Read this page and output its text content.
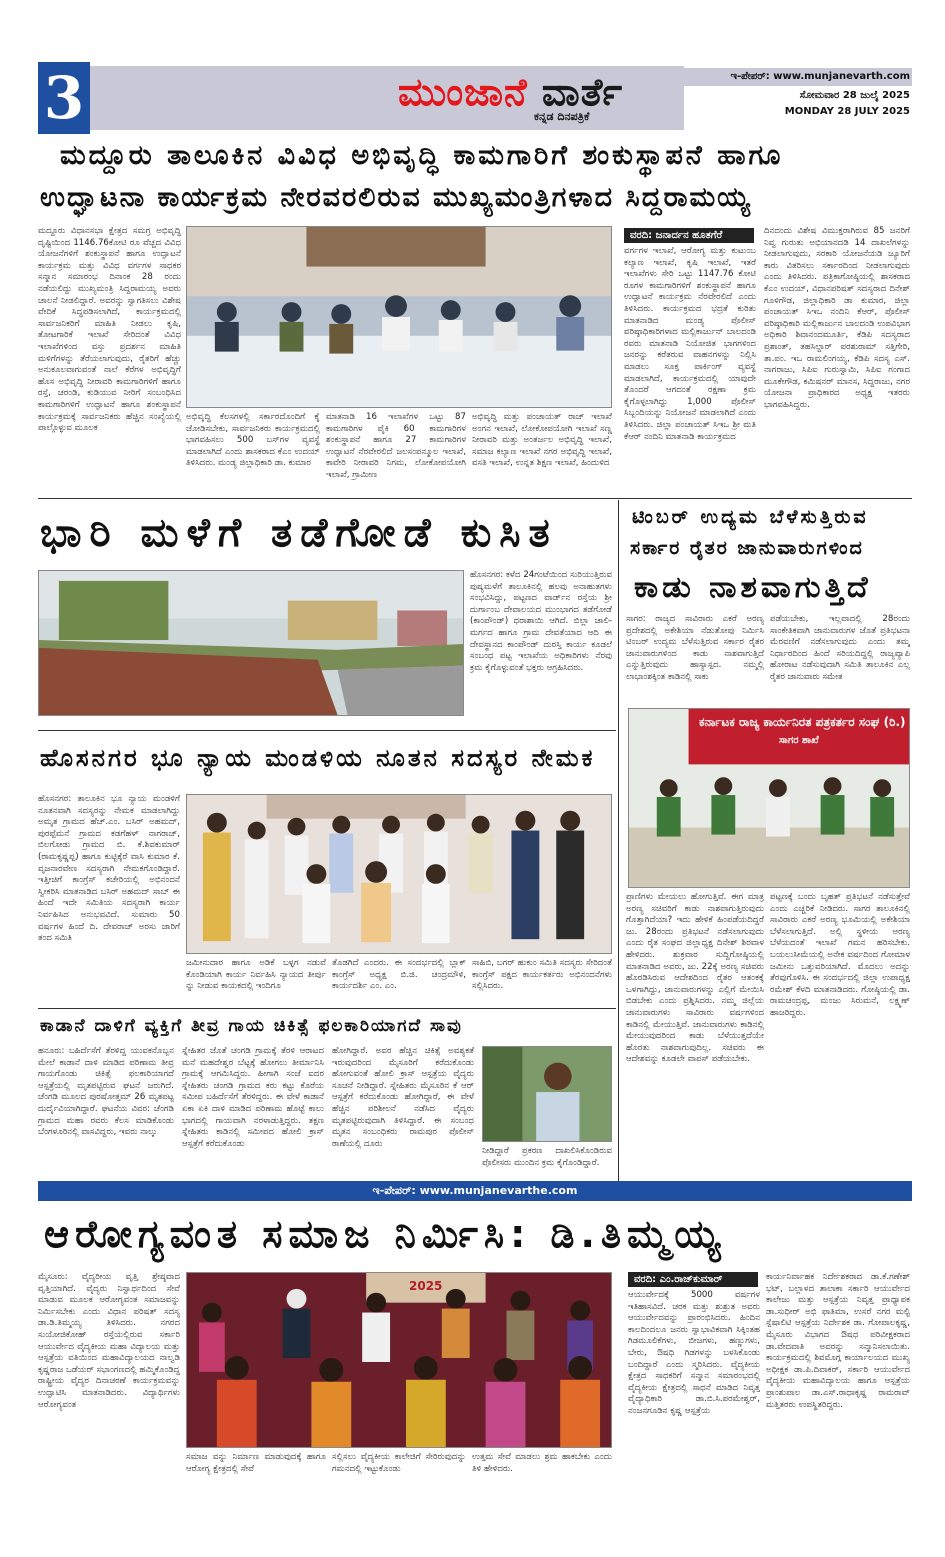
3	ಮುಂಜಾನೆ ವಾರ್ತೆ
ಕನ್ನಡ ದಿನಪತ್ರಿಕೆ
ಇ-ಪೇಪರ್: www.munjanevarth.com
ಸೋಮವಾರ 28 ಜುಲೈ 2025
MONDAY 28 JULY 2025
ಮದ್ದೂರು ತಾಲೂಕಿನ ವಿವಿಧ ಅಭಿವೃದ್ಧಿ ಕಾಮಗಾರಿಗೆ ಶಂಕುಸ್ಥಾಪನೆ ಹಾಗೂ
ಉದ್ಘಾಟನಾ ಕಾರ್ಯಕ್ರಮ ನೇರವರಲಿರುವ ಮುಖ್ಯಮಂತ್ರಿಗಳಾದ ಸಿದ್ದರಾಮಯ್ಯ
ಮದ್ದೂರು ವಿಧಾನಸಭಾ ಕ್ಷೇತ್ರದ ಸಮಗ್ರ ಅಭಿವೃದ್ಧಿ ದೃಷ್ಟಿಯಿಂದ 1146.76ಕೋಟಿ ರೂ ವೆಚ್ಚದ ವಿವಿಧ ಯೋಜನೆಗಳಿಗೆ ಶಂಕುಸ್ಥಾಪನೆ ಹಾಗೂ ಉದ್ಘಾಟನೆ ಕಾರ್ಯಕ್ರಮ ಮತ್ತು ವಿವಿಧ ವರ್ಗಗಳ ಸಾಧಕರ ಸನ್ಮಾನ ಸಮಾರಂಭ ದಿನಾಂಕ 28 ರಂದು ನಡೆಯಲಿದ್ದು ಮುಖ್ಯಮಂತ್ರಿ ಸಿದ್ದರಾಮಯ್ಯ ಅವರು ಚಾಲನೆ ನೀಡಲಿದ್ದಾರೆ. ಅವರನ್ನು ಸ್ವಾಗತಿಸಲು ವಿಶೇಷ ವೇದಿಕೆ ಸಿದ್ಧಪಡಿಸಲಾಗಿದೆ, ಕಾರ್ಯಕ್ರಮದಲ್ಲಿ ಸಾರ್ವಜನಿಕರಿಗೆ ಮಾಹಿತಿ ನೀಡಲು ಕೃಷಿ, ತೋಟಗಾರಿಕೆ ಇಲಾಖೆ ಸೇರಿದಂತೆ ವಿವಿಧ ಇಲಾಖೆಗಳಿಂದ ವಸ್ತು ಪ್ರದರ್ಶನ ಮಾಹಿತಿ ಮಳಿಗೆಗಳನ್ನು ತೆರೆಯಲಾಗುವುದು, ರೈತರಿಗೆ ಹೆಚ್ಚು ಅನುಕೂಲವಾಗುವಂತೆ ನಾಲೆ ಕೆರೆಗಳ ಅಭಿವೃದ್ಧಿಗೆ ಹೊಸ ಅಭಿವೃದ್ಧಿ ನೀರಾವರಿ ಕಾಮಗಾರಿಗಳಿಗೆ ಹಾಗೂ ರಸ್ತೆ, ಚರಂಡಿ, ಕುಡಿಯುವ ನೀರಿಗೆ ಸಂಬಂಧಿಸಿದ ಕಾಮಗಾರಿಗಳಿಗೆ ಉದ್ಘಾಟನೆ ಹಾಗೂ ಶಂಕುಸ್ಥಾಪನೆ ಕಾರ್ಯಕ್ರಮಕ್ಕೆ ಸಾರ್ವಜನಿಕರು ಹೆಚ್ಚಿನ ಸಂಖ್ಯೆಯಲ್ಲಿ ಪಾಲ್ಗೊಳ್ಳುವ ಮೂಲಕ
ಅಭಿವೃದ್ಧಿ ಕೆಲಸಗಳಲ್ಲಿ ಸರ್ಕಾರದೊಂದಿಗೆ ಕೈ ಜೋಡಿಸಬೇಕು, ಸಾರ್ವಜನಿಕರು ಕಾರ್ಯಕ್ರಮದಲ್ಲಿ ಭಾಗವಹಿಸಲು 500 ಬಸ್‌ಗಳ ವ್ಯವಸ್ಥೆ ಮಾಡಲಾಗಿದೆ ಎಂದು ಶಾಸಕರಾದ ಕೆಎಂ ಉದಯ್ ತಿಳಿಸಿದರು. ಮಂಡ್ಯ ಜಿಲ್ಲಾಧಿಕಾರಿ ಡಾ. ಕುಮಾರ
ಮಾತನಾಡಿ 16 ಇಲಾಖೆಗಳ ಒಟ್ಟು 87 ಕಾಮಗಾರಿಗಳ ಪೈಕಿ 60 ಕಾಮಗಾರಿಗಳ ಶಂಕುಸ್ಥಾಪನೆ ಹಾಗೂ 27 ಕಾಮಗಾರಿಗಳ ಉದ್ಘಾಟನೆ ನೆರವೇರಲಿದೆ ಜಲಸಂಪನ್ಮೂಲ ಇಲಾಖೆ, ಕಾವೇರಿ ನೀರಾವರಿ ನಿಗಮ, ಲೋಕೋಪಯೋಗಿ ಇಲಾಖೆ, ಗ್ರಾಮೀಣ
ಅಭಿವೃದ್ಧಿ ಮತ್ತು ಪಂಚಾಯತ್ ರಾಜ್ ಇಲಾಖೆ ಅಂಗನ ಇಲಾಖೆ, ಲೋಕೋಪಯೋಗಿ ಇಲಾಖೆ ಸಣ್ಣ ನೀರಾವರಿ ಮತ್ತು ಅಂತರ್ಜಲ ಅಭಿವೃದ್ಧಿ ಇಲಾಖೆ, ಸಮಾಜ ಕಲ್ಯಾಣ ಇಲಾಖೆ ನಗರ ಅಭಿವೃದ್ಧಿ ಇಲಾಖೆ, ವಸತಿ ಇಲಾಖೆ, ಉನ್ನತ ಶಿಕ್ಷಣ ಇಲಾಖೆ, ಹಿಂದುಳಿದ
ವರದಿ: ಜನಾರ್ದನ ಹೂತಗೆರೆ
ವರ್ಗಗಳ ಇಲಾಖೆ, ಆರೋಗ್ಯ ಮತ್ತು ಕುಟುಂಬ ಕಲ್ಯಾಣ ಇಲಾಖೆ, ಕೃಷಿ ಇಲಾಖೆ, ಇತರೆ ಇಲಾಖೆಗಳು ಸೇರಿ ಒಟ್ಟು 1147.76 ಕೋಟಿ ರೂಗಳ ಕಾಮಗಾರಿಗಳಿಗೆ ಶಂಕುಸ್ಥಾಪನೆ ಹಾಗೂ ಉದ್ಘಾಟನೆ ಕಾರ್ಯಕ್ರಮ ನೆರವೇರಲಿದೆ ಎಂದು ತಿಳಿಸಿದರು. ಕಾರ್ಯಕ್ರಮದ ಭದ್ರತೆ ಕುರಿತು ಮಾತನಾಡಿದ ಮಂಡ್ಯ ಪೊಲೀಸ್ ವರಿಷ್ಠಾಧಿಕಾರಿಗಳಾದ ಮಲ್ಲಿಕಾರ್ಜುನ್ ಬಾಲದಂಡಿ ರವರು ಮಾತನಾಡಿ ನಿಯೋಜಿತ ಭಾಗಗಳಿಂದ ಜನರನ್ನು ಕರೆತರುವ ವಾಹನಗಳನ್ನು ನಿಲ್ಲಿಸಿ ಮಾಡಲು ಸೂಕ್ತ ಪಾರ್ಕಿಂಗ್ ವ್ಯವಸ್ಥೆ ಮಾಡಲಾಗಿದೆ, ಕಾರ್ಯಕ್ರಮದಲ್ಲಿ ಯಾವುದೇ ತೊಂದರೆ ಆಗದಂತೆ ರಕ್ಷಣಾ ಕ್ರಮ ಕೈಗೊಳ್ಳಲಾಗಿದ್ದು 1,000 ಪೊಲೀಸ್ ಸಿಬ್ಬಂದಿಯನ್ನು ನಿಯೋಜನೆ ಮಾಡಲಾಗಿದೆ ಎಂದು ತಿಳಿಸಿದರು. ಜಿಲ್ಲಾ ಪಂಚಾಯತ್ ಸಿಇಒ ಶ್ರೀ ಮತಿ ಕೆಆರ್ ನಂದಿನಿ ಮಾತನಾಡಿ ಕಾರ್ಯಕ್ರಮದ
ದಿನದಂದು ವಿಶೇಷ ವಿಮುಕ್ತರಾಗಿರುವ 85 ಜನರಿಗೆ ನಿವ್ವ ಗುರುತು ಅಭಿಯಾನದಡಿ 14 ದಾಖಲೆಗಳನ್ನು ನೀಡಲಾಗುವುದು, ಸರಕಾರಿ ಯೋಜನೆಯಡಿ ಜ್ಯೂರಿಗೆ ಕಾರು ವಿತರಿಸಲು ಸರ್ಕಾರದಿಂದ ನೀಡಲಾಗುವುದು ಎಂದು ತಿಳಿಸಿದರು. ಪತ್ರಿಕಾಗೋಷ್ಠಿಯಲ್ಲಿ ಶಾಸಕರಾದ ಕೆಎಂ ಉದಯ್, ವಿಧಾನಪರಿಷತ್ ಸದಸ್ಯರಾದ ದಿನೇಶ್ ಗೂಳಿಗೌಡ, ಜಿಲ್ಲಾಧಿಕಾರಿ ಡಾ ಕುಮಾರ, ಜಿಲ್ಲಾ ಪಂಚಾಯತ್ ಸಿಇಒ ನಂದಿನಿ ಕೆಆರ್, ಪೊಲೀಸ್ ವರಿಷ್ಠಾಧಿಕಾರಿ ಮಲ್ಲಿಕಾರ್ಜುನ ಬಾಲದಂಡಿ ಉಪವಿಭಾಗ ಅಧಿಕಾರಿ ಶಿವಾನಂದಮೂರ್ತಿ, ಕೆಡಿಪಿ ಸದಸ್ಯರಾದ ಪ್ರಶಾಂತ್, ತಹಸಿಲ್ದಾರ್ ಪರಶುರಾಮ್ ಸತ್ತಿಗೇರಿ, ತಾ.ಪಂ. ಇಒ ರಾಮಲಿಂಗಯ್ಯ, ಕೆಡಿಪಿ ಸದಸ್ಯ ಎಸ್. ನಾಗರಾಜು, ಸಿಪಿಐ ಗುರುಸ್ವಾಮಿ, ಸಿಪಿಐ ಗಂಗಾದ ಮೂಕೇಗೌಡ, ಕಮಿಷನರ್ ಮಾನಸ, ಸಿದ್ದರಾಜು, ನಗರ ಯೋಜನಾ ಪ್ರಾಧಿಕಾರದ ಅಧ್ಯಕ್ಷ ಇತರರು ಭಾಗವಹಿಸಿದ್ದರು.
ಭಾರಿ ಮಳೆಗೆ ತಡೆಗೋಡೆ ಕುಸಿತ
ಹೊಸನಗರ: ಕಳೆದ 24ಗಂಟೆಯಿಂದ ಸುರಿಯುತ್ತಿರುವ ಪುಷ್ಯಮಳೆಗೆ ತಾಲೂಕಿನಲ್ಲಿ ಹಲವು ಅನಾಹುತಗಳು ಸಂಭವಿಸಿದ್ದು, ಪಟ್ಟಣದ ವಾರ್ಡ್‌ನ ರಸ್ತೆಯ ಶ್ರೀ ದುರ್ಗಾಂಬ ದೇವಾಲಯದ ಮುಂಭಾಗದ ತಡೆಗೋಡೆ (ಕಾಂಪೌಂಡ್) ಧರಾಶಾಯಿ ಆಗಿದೆ. ಬಿಲ್ಲಾ ಚಾಲಿ-ಮರ್ಗದ ಹಾಗೂ ಗ್ರಾಮ ದೇವತೆಯಾದ ಆದಿ ಈ ದೇವಸ್ಥಾನದ ಕಾಂಪೌಂಡ್ ದುರಸ್ತಿ ಕಾರ್ಯ ಕೂಡಲೆ ಸಂಬಂಧ ಪಟ್ಟ ಇಲಾಖೆಯ ಅಧಿಕಾರಿಗಳು ನೆರವು ಕ್ರಮ ಕೈಗೊಳ್ಳುವಂತೆ ಭಕ್ತರು ಆಗ್ರಹಿಸಿದರು.
ಟಿಂಬರ್ ಉದ್ಯಮ ಬೆಳೆಸುತ್ತಿರುವ
ಸರ್ಕಾರ ರೈತರ ಜಾನುವಾರುಗಳಿಂದ
ಕಾಡು ನಾಶವಾಗುತ್ತಿದೆ
ಸಾಗರ: ರಾಜ್ಯದ ಸಾವಿರಾರು ಎಕರೆ ಅರಣ್ಯ ಪ್ರದೇಶದಲ್ಲಿ ಅಕೇಶಿಯಾ ನೆಡುತೋಪು ನಿರ್ಮಿಸಿ ಟಿಂಬರ್ ಉದ್ಯಮ ಬೆಳೆಸುತ್ತಿರುವ ಸರ್ಕಾರ ರೈತರ ಜಾನುವಾರುಗಳಿಂದ ಕಾಡು ನಾಶವಾಗುತ್ತಿದೆ ಎನ್ನುತ್ತಿರುವುದು ಹಾಸ್ಯಾಸ್ಪದ. ನಮ್ಮಲ್ಲಿ ಲಾಭಾಂಶಕ್ಕಿಂತ ಕಾಡಿನಲ್ಲಿ ಸಾಕು
ಪಡೆಯಬೇಕು, ಇಲ್ಲವಾದಲ್ಲಿ 28ರಂದು ಸಾಂಕೇತಿಕವಾಗಿ ಜಾನುವಾರುಗಳ ಜೊತೆ ಪ್ರತಿಭಟನಾ ಮೆರವಣಿಗೆ ನಡೆಸಲಾಗುವುದು ಎಂದು ತಮ್ಮ ನಿರ್ಧಾರದಿಂದ ಹಿಂದೆ ಸರಿಯದಿದ್ದಲ್ಲಿ ರಾಜ್ಯವ್ಯಾಪಿ ಹೋರಾಟ ನಡೆಸುವುದಾಗಿ ಸಮಿತಿ ತಾಲೂಕಿನ ಎಲ್ಲ ರೈತರ ಜಾನುವಾರು ಸಮೇತ
ಕರ್ನಾಟಕ ರಾಜ್ಯ ಕಾರ್ಯನಿರತ ಪತ್ರಕರ್ತರ ಸಂಘ (ರಿ.)
ಸಾಗರ ಶಾಖೆ
ಪ್ರಾಣಿಗಳು ಮೇಯಲು ಹೋಗುತ್ತಿವೆ. ಈಗ ಮಾತ್ರ ಅರಣ್ಯ ಸಚಿವರಿಗೆ ಕಾಡು ನಾಶವಾಗುತ್ತಿರುವುದು ಗೊತ್ತಾಗಿದೆಯಾ? ಇದು ಹೇಳಿಕೆ ಹಿಂಪಡೆಯದಿದ್ದರೆ ಜು. 28ರಂದು ಪ್ರತಿಭಟನೆ ನಡೆಸಲಾಗುವುದು ಎಂದು ರೈತ ಸಂಘದ ಜಿಲ್ಲಾಧ್ಯಕ್ಷ ದಿನೇಶ್ ಶಿರವಾಳ ಹೇಳಿದರು. ಶುಕ್ರವಾರ ಸುದ್ದಿಗೋಷ್ಠಿಯಲ್ಲಿ ಮಾತನಾಡಿದ ಅವರು, ಜು. 22ಕ್ಕೆ ಅರಣ್ಯ ಸಚಿವರು ಹೊರಡಿಸಿರುವ ಆದೇಶದಿಂದ ರೈತರ ಆತಂಕಕ್ಕೆ ಒಳಗಾಗಿದ್ದು, ಜಾನುವಾರುಗಳನ್ನು ಎಲ್ಲಿಗೆ ಮೇಯಿಸಿ ಬಿಡಬೇಕು ಎಂದು ಪ್ರಶ್ನಿಸಿದರು. ನಮ್ಮ ಜಿಲ್ಲೆಯ ಜಾನುವಾರುಗಳು ಸಾವಿರಾರು ವರ್ಷಗಳಿಂದ ಕಾಡಿನಲ್ಲಿ ಮೇಯುತ್ತಿವೆ. ಜಾನುವಾರುಗಳು ಕಾಡಿನಲ್ಲಿ ಮೇಯುವುದರಿಂದ ಕಾಡು ಬೆಳೆಯುತ್ತದೆಯೇ ಹೊರತು ನಾಶವಾಗುವುದಿಲ್ಲ. ಸಚಿವರು ಈ ಆದೇಶವನ್ನು ಕೂಡಲೇ ವಾಪಸ್ ಪಡೆಯಬೇಕು.
ಪಟ್ಟಣಕ್ಕೆ ಬಂದು ಬೃಹತ್ ಪ್ರತಿಭಟನೆ ನಡೆಸುತ್ತೇವೆ ಎಂದು ಎಚ್ಚರಿಕೆ ನೀಡಿದರು. ಸಾಗರ ತಾಲೂಕಿನಲ್ಲಿ ಸಾವಿರಾರು ಎಕರೆ ಅರಣ್ಯ ಭೂಮಿಯಲ್ಲಿ ಅಕೇಶಿಯಾ ಬೆಳೆಸಲಾಗುತ್ತಿದೆ. ಅಲ್ಲಿ ಸ್ಥಳೀಯ ಅರಣ್ಯ ಬೆಳೆಯದಂತೆ ಇಲಾಖೆ ಗಮನ ಹರಿಸಬೇಕು. ಬಯಲುಸೀಮೆಯಲ್ಲಿ ಅನೇಕ ವರ್ಷದಿಂದ ಗೋಮಾಳ ಜಮೀನು ಒತ್ತುವರಿಯಾಗಿದೆ. ಮೊದಲು ಅದನ್ನು ತೆರವುಗೊಳಿಸಿ. ಈ ಸಂದರ್ಭದಲ್ಲಿ ಜಿಲ್ಲಾ ಉಪಾಧ್ಯಕ್ಷ ರಮೇಶ್ ಕೆಳದಿ ಮಾತನಾಡಿದರು. ಗೋಷ್ಠಿಯಲ್ಲಿ ಡಾ. ರಾಮಚಂದ್ರಪ್ಪ, ಮಂಜು ಸಿರುಮನೆ, ಲಕ್ಷ್ಮಣ್ ಹಾಜರಿದ್ದರು.
ಹೊಸನಗರ ಭೂ ನ್ಯಾಯ ಮಂಡಳಿಯ ನೂತನ ಸದಸ್ಯರ ನೇಮಕ
ಹೊಸನಗರ: ತಾಲೂಕಿನ ಭೂ ನ್ಯಾಯ ಮಂಡಳಿಗೆ ನೂತನವಾಗಿ ಸದಸ್ಯರನ್ನು ನೇಮಕ ಮಾಡಲಾಗಿದ್ದು ಅಮೃತ ಗ್ರಾಮದ ಹೆಚ್.ಎಂ. ಬಸಿರ್ ಅಹಮದ್, ಪುರಪ್ಪೆಮನೆ ಗ್ರಾಮದ ಕಡಗೆಹಳ್ ನಾಗರಾಜ್, ಬಿಲಗೋಡು ಗ್ರಾಮದ ಬಿ. ಕೆ.ಶಿವಕುಮಾರ್ (ರಾಮಕೃಷ್ಣಪ್ಪ) ಹಾಗೂ ಕುಟ್ಟಿಕ್ಕೆರೆ ವಾಸಿ ಕುಮಾರ ಕೆ. ವೃಜನಾರವೇಣ ಸದಸ್ಯರಾಗಿ ನೇಮಕಗೊಂಡಿದ್ದಾರೆ. ಇತ್ತೀಚಿಗೆ ಕಾಂಗ್ರೆಸ್ ಕಚೇರಿಯಲ್ಲಿ ಅಭಿನಂದನೆ ಸ್ವೀಕರಿಸಿ ಮಾತನಾಡಿದ ಬಸಿರ್ ಅಹಮದ್ ಸಾಬ್ ಈ ಹಿಂದೆ ಇದೇ ಸಮಿತಿಯ ಸದಸ್ಯರಾಗಿ ಕಾರ್ಯ ನಿರ್ವಹಿಸಿದ ಅನುಭವವಿದೆ. ಸುಮಾರು 50 ವರ್ಷಗಳ ಹಿಂದೆ ದಿ. ದೇವರಾಜ್ ಅರಸು ಜಾರಿಗೆ ತಂದ ಸಮಿತಿ
ಜಮೀನುದಾರ ಹಾಗೂ ಅಡಿಕೆ ಬಳ್ಳಗ ನಡುವೆ ಕೊಂಡಿಯಾಗಿ ಕಾರ್ಯ ನಿರ್ವಹಿಸಿ ನ್ಯಾಯದ ತೀರ್ಪು ನ್ನು ನೀಡುವ ಕಾಯಕದಲ್ಲಿ ಇಂದಿಗೂ
ತೊಡಗಿದೆ ಎಂದರು. ಈ ಸಂದರ್ಭದಲ್ಲಿ ಬ್ಲಾಕ್ ಕಾಂಗ್ರೆಸ್ ಅಧ್ಯಕ್ಷ ಬಿ.ಜಿ. ಚಂದ್ರಮೌಳಿ, ಕಾರ್ಯದರ್ಶಿ ಎಂ. ಎಂ.
ಸಾಹಿಬಿ, ಬಗರ್ ಹುಕುಂ ಸಮಿತಿ ಸದಸ್ಯರು ಸೇರಿದಂತೆ ಕಾಂಗ್ರೆಸ್ ಪಕ್ಷದ ಕಾರ್ಯಕರ್ತರು ಅಭಿನಂದನೆಗಳು ಸಲ್ಲಿಸಿದರು.
ಕಾಡಾನೆ ದಾಳಿಗೆ ವ್ಯಕ್ತಿಗೆ ತೀವ್ರ ಗಾಯ ಚಿಕಿತ್ಸೆ ಫಲಕಾರಿಯಾಗದೆ ಸಾವು
ಹನೂರು: ಬಹಿರ್ದೆಸೆಗೆ ತೆರಳಿದ್ದ ಯುವಕನೊಬ್ಬನ ಮೇಲೆ ಕಾಡಾನೆ ದಾಳಿ ಮಾಡಿದ ಪರಿಣಾಮ ತೀವ್ರ ಗಾಯಗೊಂಡು ಚಿಕಿತ್ಸೆ ಫಲಕಾರಿಯಾಗದೆ ಆಸ್ಪತ್ರೆಯಲ್ಲಿ ಮೃತಪಟ್ಟಿರುವ ಘಟನೆ ಜರುಗಿದೆ. ಚೆಂಗಡಿ ಮೂಲದ ಪುರಷೋತ್ತಮ್ 26 ಮೃತಪಟ್ಟ ದುರ್ದೈವಿಯಾಗಿದ್ದಾರೆ. ಘಟನೆಯ ವಿವರ: ಚೆಂಗಡಿ ಗ್ರಾಮದ ಮಹಾ ರವರು ಕೆಲಸ ಮಾಡಿಕೊಂಡು ಬೆಂಗಳೂರಿನಲ್ಲಿ ವಾಸವಿದ್ದರು, ಇವರು ನಾಲ್ಕು
ಸ್ನೇಹಿತರ ಜೊತೆ ಚಂಗಡಿ ಗ್ರಾಮಕ್ಕೆ ತೆರಳಿ ಆರಾಟದ ಮನೆ ಮಹದೇಶ್ವರ ಬೆಟ್ಟಕ್ಕೆ ಹೋಗಲು ತೀರ್ಮಾನಿಸಿ ಗ್ರಾಮಕ್ಕೆ ಆಗಮಿಸಿದ್ದರು. ಹೀಗಾಗಿ ಸಂಜೆ ಐದರ ಸ್ನೇಹಿತರು ಚಂಗಡಿ ಗ್ರಾಮದ ಕರು ಕಟ್ಟು ಕೊರೆಯ ಸಮೀಪ ಬಹಿರ್ದೆಸೆಗೆ ತೆರಳಿದ್ದರು. ಈ ವೇಳೆ ಕಾಡಾನೆ ಏಕಾ ಏಕಿ ದಾಳಿ ಮಾಡಿದ ಪರಿಣಾಮ ಹೊಟ್ಟೆ ಕಾಲು ಭಾಗದಲ್ಲಿ ಗಾಯವಾಗಿ ನರಳಾಡುತ್ತಿದ್ದರು. ತಕ್ಷಣ ಸ್ನೇಹಿತರು ಕಾಡಿನಲ್ಲಿ ಸಮೀಪದ ಹೋಲಿ ಕ್ರಾಸ್ ಆಸ್ಪತ್ರೆಗೆ ಕರೆದುಕೊಂಡು
ಹೋಗಿದ್ದಾರೆ. ಅವರ ಹೆಚ್ಚಿನ ಚಿಕಿತ್ಸೆ ಅವಶ್ಯಕತೆ ಇರುವುದರಿಂದ ಮೈಸೂರಿಗೆ ಕರೆದುಕೊಂಡು ಹೋಗುವಂತೆ ಹೋಲಿ ಕ್ರಾಸ್ ಆಸ್ಪತ್ರೆಯ ವೈದ್ಯರು ಸೂಚನೆ ನೀಡಿದ್ದಾರೆ. ಸ್ನೇಹಿತರು ಮೈಸೂರಿನ ಕೆ ಆರ್ ಆಸ್ಪತ್ರೆಗೆ ಕರೆದುಕೊಂಡು ಹೋಗಿದ್ದಾರೆ, ಈ ವೇಳೆ ಹೆಚ್ಚಿನ ಪರಿಶೀಲನೆ ನಡೆಸಿದ ವೈದ್ಯರು ಮೃತಪಟ್ಟಿರುವುದಾಗಿ ತಿಳಿಸಿದ್ದಾರೆ. ಈ ಸಂಬಂಧ ಮೃತನ ಸಂಬಂಧಿಕರು ರಾಮಪುರ ಪೊಲೀಸ್ ಠಾಣೆಯಲ್ಲಿ ದೂರು
ನೀಡಿದ್ದಾರೆ ಪ್ರಕರಣ ದಾಖಲಿಸಿಕೊಂಡಿರುವ ಪೊಲೀಸರು ಮುಂದಿನ ಕ್ರಮ ಕೈಗೊಂಡಿದ್ದಾರೆ.
ಇ-ಪೇಪರ್: www.munjanevarthe.com
ಆರೋಗ್ಯವಂತ ಸಮಾಜ ನಿರ್ಮಿಸಿ: ಡಿ.ತಿಮ್ಮಯ್ಯ
ಮೈಸೂರು: ವೈದ್ಯರೀಯ ವೃತ್ತಿ ಶ್ರೇಷ್ಠವಾದ ವೃತ್ತಿಯಾಗಿದೆ. ವೈದ್ಯರು ನಿಸ್ವಾರ್ಥದಿಂದ ಸೇವೆ ಮಾಡುವ ಮೂಲಕ ಆರೋಗ್ಯವಂತ ಸಮಾಜವನ್ನು ನಿರ್ಮಿಸಬೇಕು ಎಂದು ವಿಧಾನ ಪರಿಷತ್ ಸದಸ್ಯ ಡಾ.ಡಿ.ತಿಮ್ಮಯ್ಯ ತಿಳಿಸಿದರು. ನಗರದ ಸುಯೋಜಿಕೋಹ್ ರಸ್ತೆಯಲ್ಲಿರುವ ಸರ್ಕಾರಿ ಆಯುರ್ವೇದ ವೈದ್ಯಕೀಯ ಮಹಾ ವಿದ್ಯಾಲಯ ಮತ್ತು ಆಸ್ಪತ್ರೆಯ ವತಿಯಿಂದ ಮಹಾವಿದ್ಯಾಲಯದ ನಾಲ್ವಡಿ ಕೃಷ್ಣರಾಜ ಒಡೆಯರ್ ಸಭಾಂಗಣದಲ್ಲಿ ಹಮ್ಮಿಕೊಂಡಿದ್ದ ರಾಷ್ಟ್ರೀಯ ವೈದ್ಯರ ದಿನಾಚರಣೆ ಕಾರ್ಯಕ್ರಮವನ್ನು ಉದ್ಘಾಟಿಸಿ ಮಾತನಾಡಿದರು. ವಿದ್ಯಾರ್ಥಿಗಳು ಆರೋಗ್ಯವಂತ
2025
ಸಮಾಜ ವನ್ನು ನಿರ್ಮಾಣ ಮಾಡುವುದಕ್ಕೆ ಹಾಗೂ ಆರೋಗ್ಯ ಕ್ಷೇತ್ರದಲ್ಲಿ ಸೇವೆ
ಸಲ್ಲಿಸಲು ವೈದ್ಯಕೀಯ ಕಾಲೇಜಿಗೆ ಸೇರಿರುವುದನ್ನು ಗಮನದಲ್ಲಿ ಇಟ್ಟುಕೊಂಡು
ಉತ್ತಮ ಸೇವೆ ಮಾಡಲು ಶ್ರಮ ಹಾಕಬೇಕು ಎಂದು ತಿಳಿ ಹೇಳಿದರು.
ವರದಿ: ಎಂ.ರಾಜ್‌ಕುಮಾರ್
ಆಯುರ್ವೇದಕ್ಕೆ 5000 ವರ್ಷಗಳ ಇತಿಹಾಸವಿದೆ. ಚರಕ ಮತ್ತು ಶುಶ್ರುತ ಅವರು ಆಯುರ್ವೇದವನ್ನು ಪ್ರಾರಂಭಿಸಿದರು. ಹಿಂದಿನ ಕಾಲದಿಂದಲೂ ಜನರು ಸ್ವಾಭಾವಿಕವಾಗಿ ಸಿಕ್ಕಿಂತಹ ಗಿಡಮೂಲಿಕೆಗಳು, ಬೀಜಗಳು, ಹಣ್ಣುಗಳು, ಬೇರು, ಔಷಧಿ ಗಿಡಗಳನ್ನು ಬಳಸಿಕೊಂಡು ಬಂದಿದ್ದಾರೆ ಎಂದು ಸ್ಮರಿಸಿದರು. ವೈದ್ಯಕೀಯ ಕ್ಷೇತ್ರದ ಸಾಧಕರಿಗೆ ಸನ್ಮಾನ ಸಮಾರಂಭದಲ್ಲಿ ವೈದ್ಯಕೀಯ ಕ್ಷೇತ್ರದಲ್ಲಿ ಸಾಧನೆ ಮಾಡಿದ ನಿವೃತ್ತ ವೈದ್ಯಾಧಿಕಾರಿ ಡಾ.ಬಿ.ಸಿ.ಪರಮೇಶ್ವರ್, ನಂಜನಗೂಡಿನ ಕೃಷ್ಣ ಆಸ್ಪತ್ರೆಯ
ಕಾರ್ಯನಿರ್ವಾಹಕ ನಿರ್ದೇಶಕರಾದ ಡಾ.ಕೆ.ಗಣೇಶ್ ಭಟ್, ಬಲ್ಲಾಳದ ತಾಲಾಕಾ ಸರ್ಕಾರಿ ಆಯುರ್ವೇದ ಕಾಲೇಜು ಮತ್ತು ಆಸ್ಪತ್ರೆಯ ನಿವೃತ್ತ ಪ್ರಾಧ್ಯಾಪಕ ಡಾ.ಸುಧೀರ್ ಅಭಿ ಫಾತಿಮಾ, ಉಸರೆ ನಗರ ಮಲ್ಟಿ ಸ್ಪೆಷಾಲಿಟಿ ಆಸ್ಪತ್ರೆಯ ನಿರ್ದೇಶಕ ಡಾ. ಗೋಪಾಲಕೃಷ್ಣ, ಮೈಸೂರು ವಿಭಾಗದ ಔಷಧ ಪರಿವೀಕ್ಷಕರಾದ ಡಾ.ವೇದವಾತಿ ಅವರನ್ನು ಸನ್ಮಾನಿಸಲಾಯಿತು. ಕಾರ್ಯಕ್ರಮದಲ್ಲಿ ಶಿವಮೊಗ್ಗ ಕಾರ್ಯಾಲಯದ ಮುಖ್ಯ ಅಧೀಕ್ಷಕ ಡಾ.ಪಿ.ದಿವಾಕರ್, ಸರ್ಕಾರಿ ಆಯುರ್ವೇದ ವೈದ್ಯಕೀಯ ಮಹಾವಿದ್ಯಾಲಯ ಹಾಗೂ ಆಸ್ಪತ್ರೆಯ ಪ್ರಾಂಶುಪಾಲ ಡಾ.ಎಸ್.ರಾಧಾಕೃಷ್ಣ ರಾಮರಾವ್ ಮತ್ತಿತರರು ಉಪಸ್ಥಿತರಿದ್ದರು.
